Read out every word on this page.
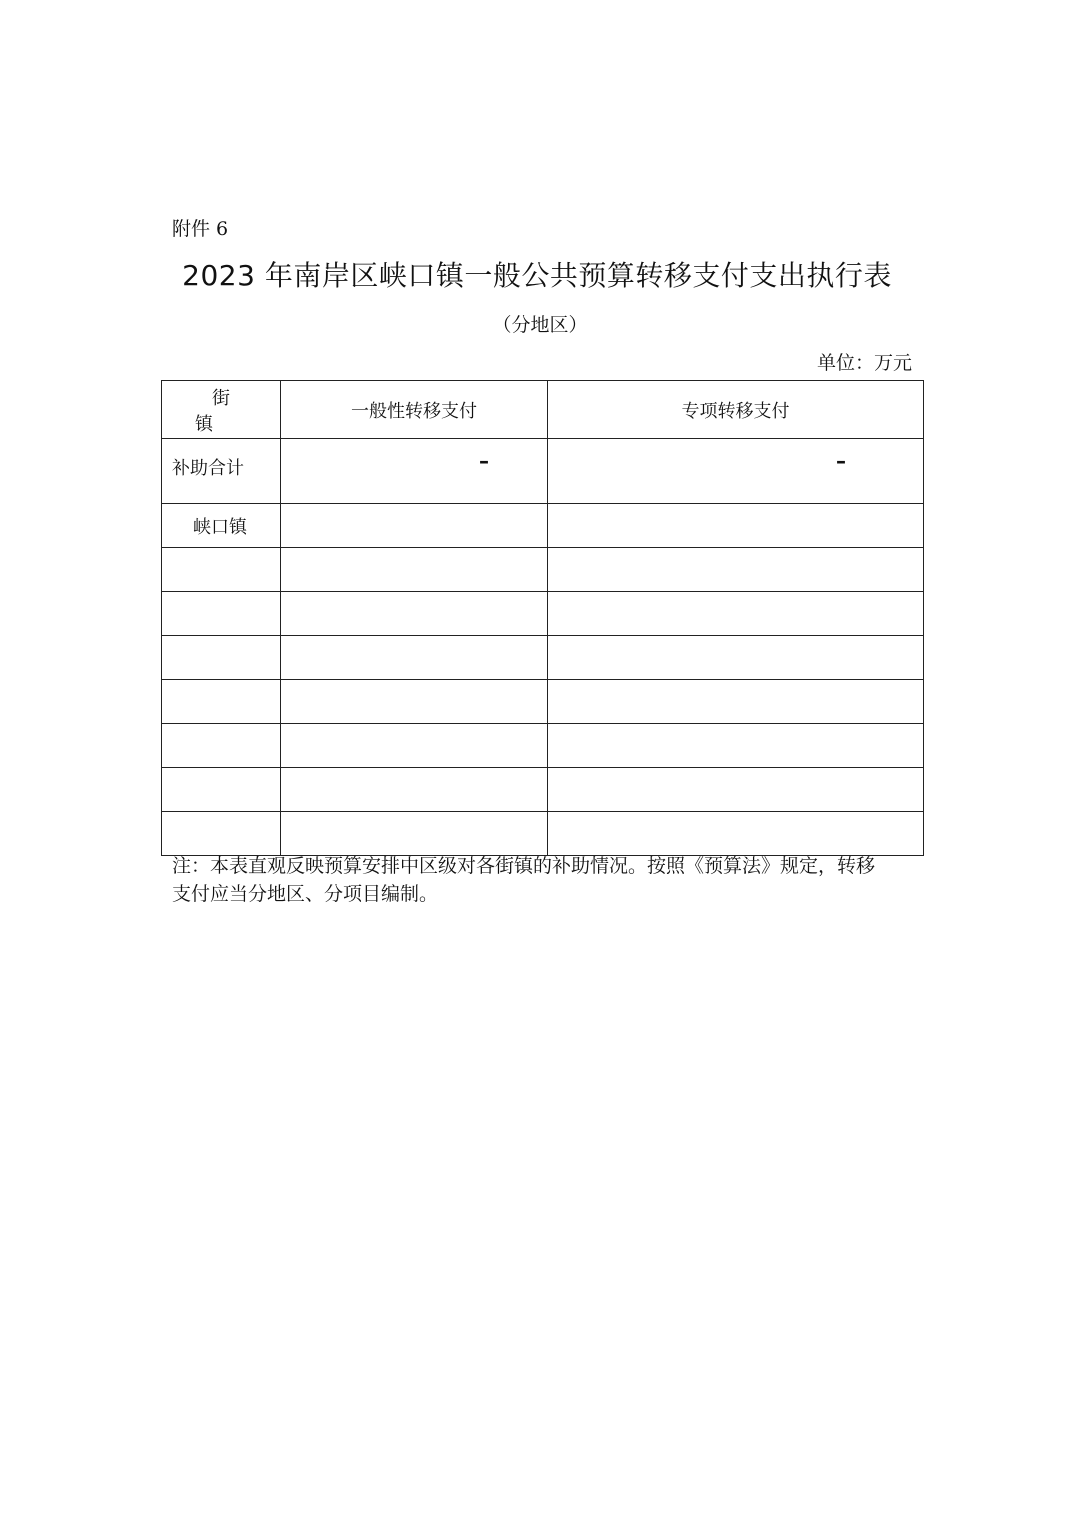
附件 6
2023 年南岸区峡口镇一般公共预算转移支付支出执行表
（分地区）
单位：万元
街　镇	一般性转移支付	专项转移支付
补助合计	–	–

峡口镇		

注：本表直观反映预算安排中区级对各街镇的补助情况。按照《预算法》规定，转移
支付应当分地区、分项目编制。
